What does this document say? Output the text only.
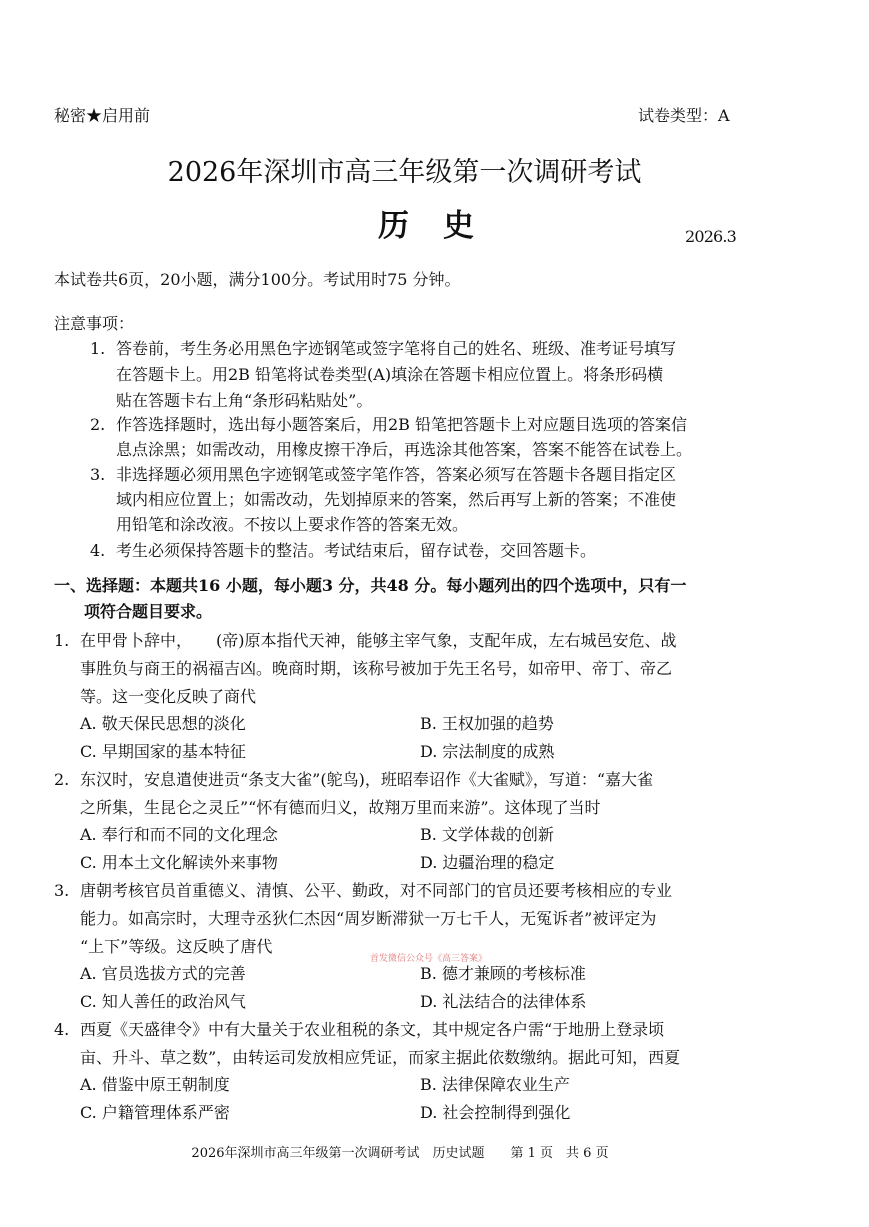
秘密★启用前	试卷类型：A
2026年深圳市高三年级第一次调研考试
历史	2026.3
本试卷共6页，20小题，满分100分。考试用时75 分钟。
注意事项：
1. 答卷前，考生务必用黑色字迹钢笔或签字笔将自己的姓名、班级、准考证号填写
在答题卡上。用2B 铅笔将试卷类型(A)填涂在答题卡相应位置上。将条形码横
贴在答题卡右上角“条形码粘贴处”。
2. 作答选择题时，选出每小题答案后，用2B 铅笔把答题卡上对应题目选项的答案信
息点涂黑；如需改动，用橡皮擦干净后，再选涂其他答案，答案不能答在试卷上。
3. 非选择题必须用黑色字迹钢笔或签字笔作答，答案必须写在答题卡各题目指定区
域内相应位置上；如需改动，先划掉原来的答案，然后再写上新的答案；不准使
用铅笔和涂改液。不按以上要求作答的答案无效。
4. 考生必须保持答题卡的整洁。考试结束后，留存试卷，交回答题卡。
一、选择题：本题共16 小题，每小题3 分，共48 分。每小题列出的四个选项中，只有一
项符合题目要求。
1. 在甲骨卜辞中，　　(帝)原本指代天神，能够主宰气象，支配年成，左右城邑安危、战
事胜负与商王的祸福吉凶。晚商时期，该称号被加于先王名号，如帝甲、帝丁、帝乙
等。这一变化反映了商代
A. 敬天保民思想的淡化	B. 王权加强的趋势
C. 早期国家的基本特征	D. 宗法制度的成熟
2. 东汉时，安息遣使进贡“条支大雀”(鸵鸟)，班昭奉诏作《大雀赋》，写道：“嘉大雀
之所集，生昆仑之灵丘”“怀有德而归义，故翔万里而来游”。这体现了当时
A. 奉行和而不同的文化理念	B. 文学体裁的创新
C. 用本土文化解读外来事物	D. 边疆治理的稳定
3. 唐朝考核官员首重德义、清慎、公平、勤政，对不同部门的官员还要考核相应的专业
能力。如高宗时，大理寺丞狄仁杰因“周岁断滞狱一万七千人，无冤诉者”被评定为
“上下”等级。这反映了唐代
首发微信公众号《高三答案》
A. 官员选拔方式的完善	B. 德才兼顾的考核标准
C. 知人善任的政治风气	D. 礼法结合的法律体系
4. 西夏《天盛律令》中有大量关于农业租税的条文，其中规定各户需“于地册上登录顷
亩、升斗、草之数”，由转运司发放相应凭证，而家主据此依数缴纳。据此可知，西夏
A. 借鉴中原王朝制度	B. 法律保障农业生产
C. 户籍管理体系严密	D. 社会控制得到强化
2026年深圳市高三年级第一次调研考试　历史试题　　第 1 页　共 6 页
